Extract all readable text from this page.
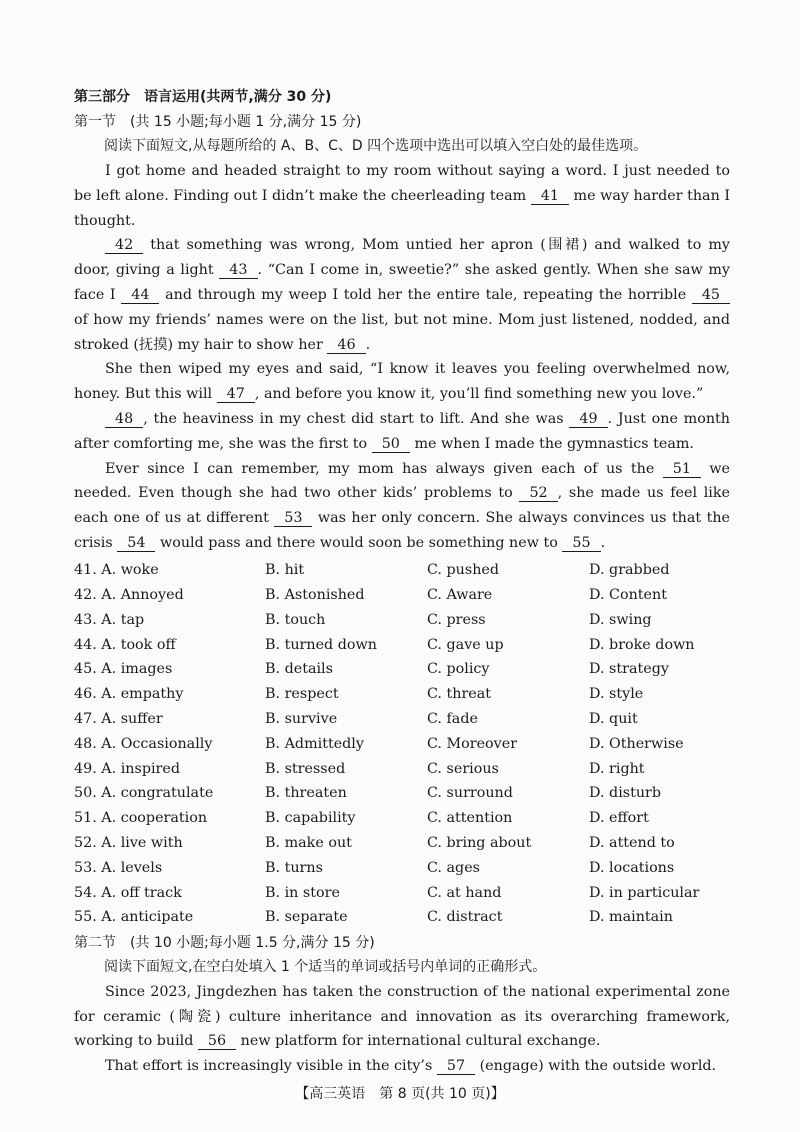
第三部分　语言运用(共两节,满分 30 分)
第一节　(共 15 小题;每小题 1 分,满分 15 分)
阅读下面短文,从每题所给的 A、B、C、D 四个选项中选出可以填入空白处的最佳选项。

I got home and headed straight to my room without saying a word. I just needed to be left alone. Finding out I didn’t make the cheerleading team 41 me way harder than I thought.

42 that something was wrong, Mom untied her apron (围裙) and walked to my door, giving a light 43 . “Can I come in, sweetie?” she asked gently. When she saw my face I 44 and through my weep I told her the entire tale, repeating the horrible 45 of how my friends’ names were on the list, but not mine. Mom just listened, nodded, and stroked (抚摸) my hair to show her 46 .

She then wiped my eyes and said, “I know it leaves you feeling overwhelmed now, honey. But this will 47 , and before you know it, you’ll find something new you love.”

48 , the heaviness in my chest did start to lift. And she was 49 . Just one month after comforting me, she was the first to 50 me when I made the gymnastics team.

Ever since I can remember, my mom has always given each of us the 51 we needed. Even though she had two other kids’ problems to 52 , she made us feel like each one of us at different 53 was her only concern. She always convinces us that the crisis 54 would pass and there would soon be something new to 55 .

41. A. woke	B. hit	C. pushed	D. grabbed
42. A. Annoyed	B. Astonished	C. Aware	D. Content
43. A. tap	B. touch	C. press	D. swing
44. A. took off	B. turned down	C. gave up	D. broke down
45. A. images	B. details	C. policy	D. strategy
46. A. empathy	B. respect	C. threat	D. style
47. A. suffer	B. survive	C. fade	D. quit
48. A. Occasionally	B. Admittedly	C. Moreover	D. Otherwise
49. A. inspired	B. stressed	C. serious	D. right
50. A. congratulate	B. threaten	C. surround	D. disturb
51. A. cooperation	B. capability	C. attention	D. effort
52. A. live with	B. make out	C. bring about	D. attend to
53. A. levels	B. turns	C. ages	D. locations
54. A. off track	B. in store	C. at hand	D. in particular
55. A. anticipate	B. separate	C. distract	D. maintain
第二节　(共 10 小题;每小题 1.5 分,满分 15 分)
阅读下面短文,在空白处填入 1 个适当的单词或括号内单词的正确形式。

Since 2023, Jingdezhen has taken the construction of the national experimental zone for ceramic (陶瓷) culture inheritance and innovation as its overarching framework, working to build 56 new platform for international cultural exchange.

That effort is increasingly visible in the city’s 57 (engage) with the outside world.

【高三英语　第 8 页(共 10 页)】
